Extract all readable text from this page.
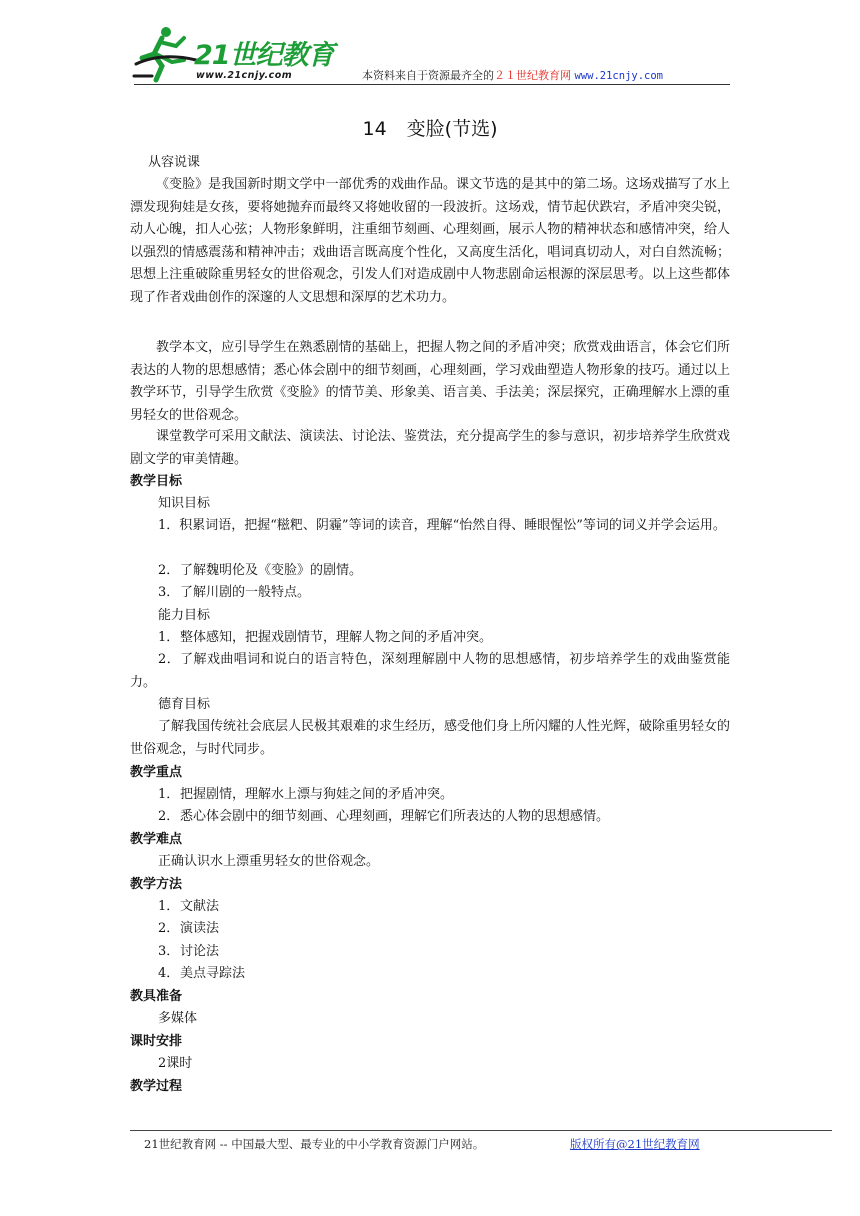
21世纪教育
www.21cnjy.com	本资料来自于资源最齐全的２１世纪教育网 www.21cnjy.com
14 变脸(节选)
从容说课
《变脸》是我国新时期文学中一部优秀的戏曲作品。课文节选的是其中的第二场。这场戏描写了水上漂发现狗娃是女孩，要将她抛弃而最终又将她收留的一段波折。这场戏，情节起伏跌宕，矛盾冲突尖锐，动人心魄，扣人心弦；人物形象鲜明，注重细节刻画、心理刻画，展示人物的精神状态和感情冲突，给人以强烈的情感震荡和精神冲击；戏曲语言既高度个性化，又高度生活化，唱词真切动人，对白自然流畅；思想上注重破除重男轻女的世俗观念，引发人们对造成剧中人物悲剧命运根源的深层思考。以上这些都体现了作者戏曲创作的深邃的人文思想和深厚的艺术功力。
教学本文，应引导学生在熟悉剧情的基础上，把握人物之间的矛盾冲突；欣赏戏曲语言，体会它们所表达的人物的思想感情；悉心体会剧中的细节刻画，心理刻画，学习戏曲塑造人物形象的技巧。通过以上教学环节，引导学生欣赏《变脸》的情节美、形象美、语言美、手法美；深层探究，正确理解水上漂的重男轻女的世俗观念。
课堂教学可采用文献法、演读法、讨论法、鉴赏法，充分提高学生的参与意识，初步培养学生欣赏戏剧文学的审美情趣。
教学目标
知识目标
1．积累词语，把握“糍粑、阴霾”等词的读音，理解“怡然自得、睡眼惺忪”等词的词义并学会运用。
2．了解魏明伦及《变脸》的剧情。
3．了解川剧的一般特点。
能力目标
1．整体感知，把握戏剧情节，理解人物之间的矛盾冲突。
2．了解戏曲唱词和说白的语言特色，深刻理解剧中人物的思想感情，初步培养学生的戏曲鉴赏能力。
德育目标
了解我国传统社会底层人民极其艰难的求生经历，感受他们身上所闪耀的人性光辉，破除重男轻女的世俗观念，与时代同步。
教学重点
1．把握剧情，理解水上漂与狗娃之间的矛盾冲突。
2．悉心体会剧中的细节刻画、心理刻画，理解它们所表达的人物的思想感情。
教学难点
正确认识水上漂重男轻女的世俗观念。
教学方法
1．文献法
2．演读法
3．讨论法
4．美点寻踪法
教具准备
多媒体
课时安排
2课时
教学过程
21世纪教育网 -- 中国最大型、最专业的中小学教育资源门户网站。	版权所有@21世纪教育网
